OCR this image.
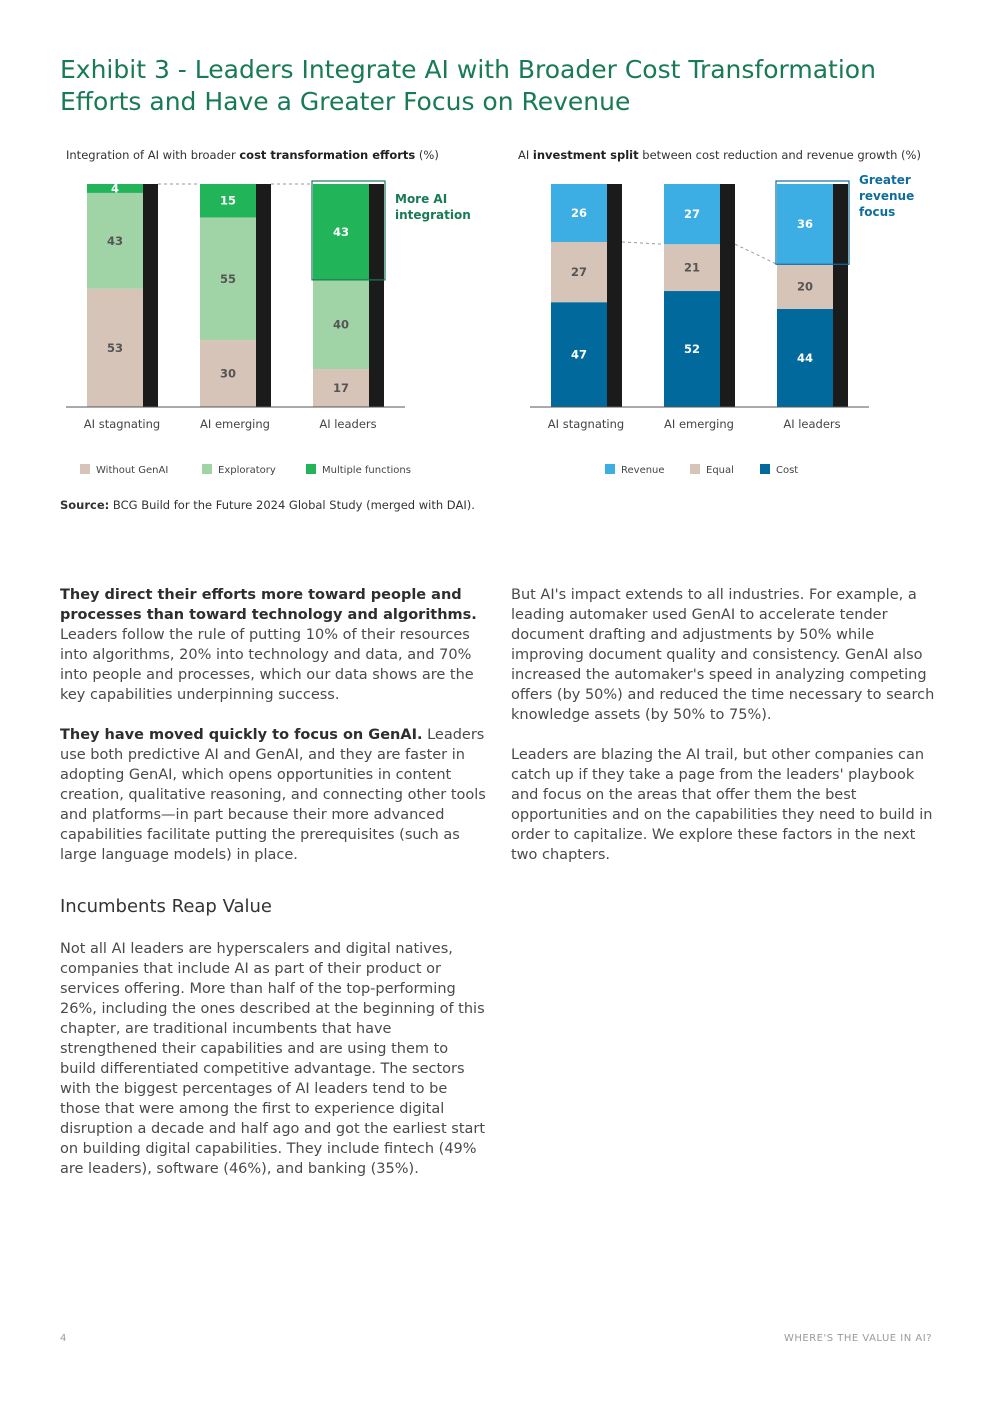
Exhibit 3 - Leaders Integrate AI with Broader Cost Transformation Efforts and Have a Greater Focus on Revenue
Integration of AI with broader cost transformation efforts (%)
53
43
4
AI stagnating
30
55
15
AI emerging
17
40
43
AI leaders
More AI
integration
Without GenAI	Exploratory	Multiple functions
AI investment split between cost reduction and revenue growth (%)
47
27
26
AI stagnating
52
21
27
AI emerging
44
20
36
AI leaders
Greater
revenue
focus
Revenue	Equal	Cost
Source: BCG Build for the Future 2024 Global Study (merged with DAI).

They direct their efforts more toward people and processes than toward technology and algorithms. Leaders follow the rule of putting 10% of their resources into algorithms, 20% into technology and data, and 70% into people and processes, which our data shows are the key capabilities underpinning success.

They have moved quickly to focus on GenAI. Leaders use both predictive AI and GenAI, and they are faster in adopting GenAI, which opens opportunities in content creation, qualitative reasoning, and connecting other tools and platforms—in part because their more advanced capabilities facilitate putting the prerequisites (such as large language models) in place.

Incumbents Reap Value

Not all AI leaders are hyperscalers and digital natives, companies that include AI as part of their product or services offering. More than half of the top-performing 26%, including the ones described at the beginning of this chapter, are traditional incumbents that have strengthened their capabilities and are using them to build differentiated competitive advantage. The sectors with the biggest percentages of AI leaders tend to be those that were among the first to experience digital disruption a decade and half ago and got the earliest start on building digital capabilities. They include fintech (49% are leaders), software (46%), and banking (35%).

But AI's impact extends to all industries. For example, a leading automaker used GenAI to accelerate tender document drafting and adjustments by 50% while improving document quality and consistency. GenAI also increased the automaker's speed in analyzing competing offers (by 50%) and reduced the time necessary to search knowledge assets (by 50% to 75%).

Leaders are blazing the AI trail, but other companies can catch up if they take a page from the leaders' playbook and focus on the areas that offer them the best opportunities and on the capabilities they need to build in order to capitalize. We explore these factors in the next two chapters.

4	WHERE'S THE VALUE IN AI?
